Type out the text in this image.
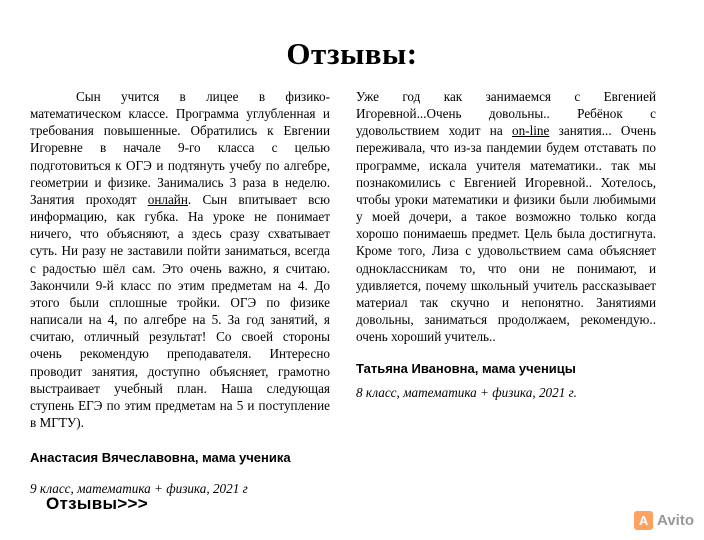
Отзывы:

Сын учится в лицее в физико-математическом классе. Программа углубленная и требования повышенные. Обратились к Евгении Игоревне в начале 9-го класса с целью подготовиться к ОГЭ и подтянуть учебу по алгебре, геометрии и физике. Занимались 3 раза в неделю. Занятия проходят онлайн. Сын впитывает всю информацию, как губка. На уроке не понимает ничего, что объясняют, а здесь сразу схватывает суть. Ни разу не заставили пойти заниматься, всегда с радостью шёл сам. Это очень важно, я считаю. Закончили 9-й класс по этим предметам на 4. До этого были сплошные тройки. ОГЭ по физике написали на 4, по алгебре на 5. За год занятий, я считаю, отличный результат! Со своей стороны очень рекомендую преподавателя. Интересно проводит занятия, доступно объясняет, грамотно выстраивает учебный план. Наша следующая ступень ЕГЭ по этим предметам на 5 и поступление в МГТУ).

Анастасия Вячеславовна, мама ученика
9 класс, математика + физика, 2021 г

Уже год как занимаемся с Евгенией Игоревной...Очень довольны.. Ребёнок с удовольствием ходит на on-line занятия... Очень переживала, что из-за пандемии будем отставать по программе, искала учителя математики.. так мы познакомились с Евгенией Игоревной.. Хотелось, чтобы уроки математики и физики были любимыми у моей дочери, а такое возможно только когда хорошо понимаешь предмет. Цель была достигнута. Кроме того, Лиза с удовольствием сама объясняет одноклассникам то, что они не понимают, и удивляется, почему школьный учитель рассказывает материал так скучно и непонятно. Занятиями довольны, заниматься продолжаем, рекомендую.. очень хороший учитель..

Татьяна Ивановна, мама ученицы
8 класс, математика + физика, 2021 г.
Отзывы>>>
A Avito
